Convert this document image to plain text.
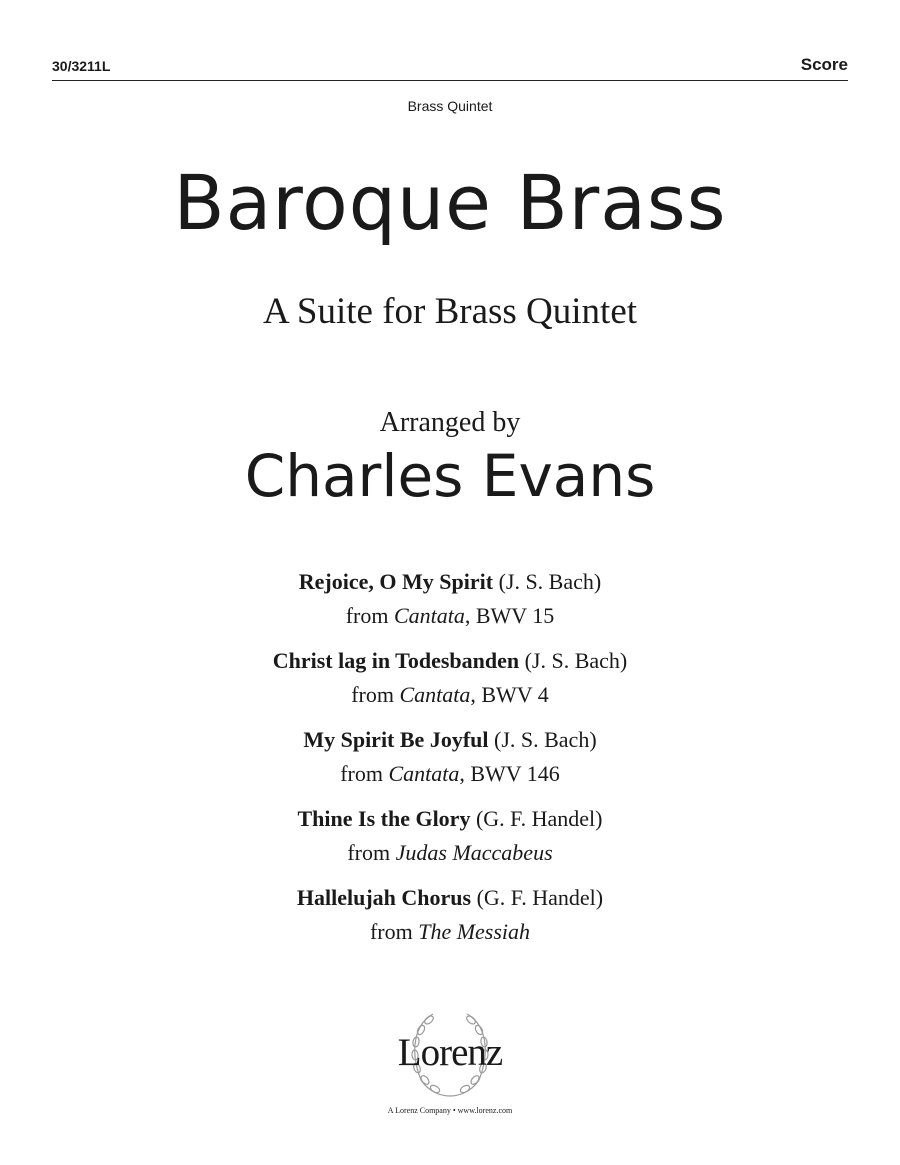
30/3211L	Score
Brass Quintet
Baroque Brass
A Suite for Brass Quintet
Arranged by
Charles Evans
Rejoice, O My Spirit (J. S. Bach)
from Cantata, BWV 15
Christ lag in Todesbanden (J. S. Bach)
from Cantata, BWV 4
My Spirit Be Joyful (J. S. Bach)
from Cantata, BWV 146
Thine Is the Glory (G. F. Handel)
from Judas Maccabeus
Hallelujah Chorus (G. F. Handel)
from The Messiah
Lorenz
A Lorenz Company • www.lorenz.com
